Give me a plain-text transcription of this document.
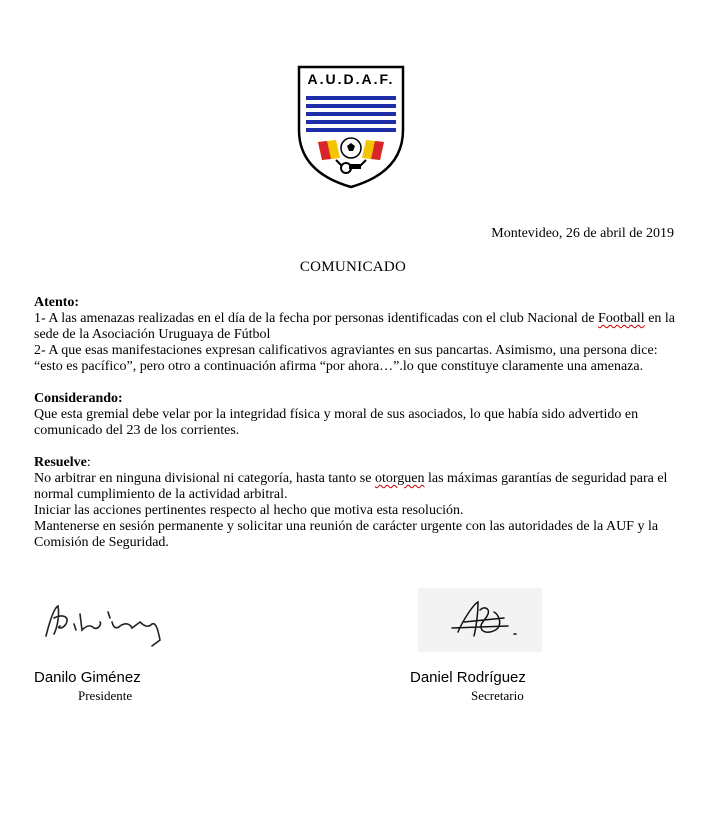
A.U.D.A.F.
Montevideo, 26 de abril de 2019
COMUNICADO
Atento:
1- A las amenazas realizadas en el día de la fecha por personas identificadas con el club Nacional de Football en la sede de la Asociación Uruguaya de Fútbol
2- A que esas manifestaciones expresan calificativos agraviantes en sus pancartas. Asimismo, una persona dice: “esto es pacífico”, pero otro a continuación afirma “por ahora…”.lo que constituye claramente una amenaza.
Considerando:
Que esta gremial debe velar por la integridad física y moral de sus asociados, lo que había sido advertido en comunicado del 23 de los corrientes.
Resuelve:
No arbitrar en ninguna divisional ni categoría, hasta tanto se otorguen las máximas garantías de seguridad para el normal cumplimiento de la actividad arbitral.
Iniciar las acciones pertinentes respecto al hecho que motiva esta resolución.
Mantenerse en sesión permanente y solicitar una reunión de carácter urgente con las autoridades de la AUF y la Comisión de Seguridad.
Danilo Giménez
Presidente
Daniel Rodríguez
Secretario
